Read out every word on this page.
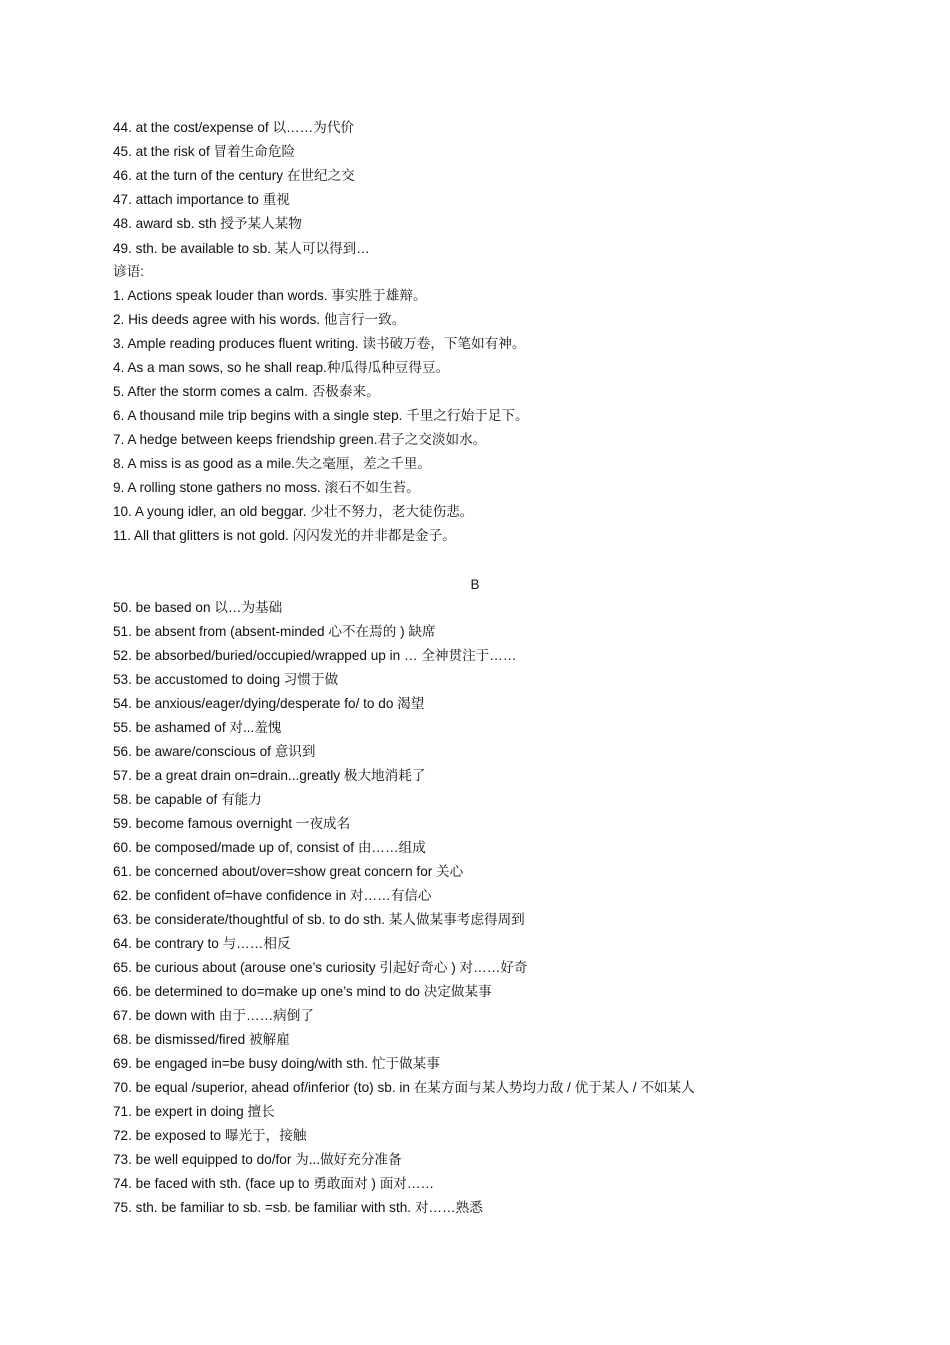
44. at the cost/expense of 以……为代价
45. at the risk of 冒着生命危险
46. at the turn of the century 在世纪之交
47. attach importance to 重视
48. award sb. sth 授予某人某物
49. sth. be available to sb. 某人可以得到…
谚语:
1. Actions speak louder than words. 事实胜于雄辩。
2. His deeds agree with his words. 他言行一致。
3. Ample reading produces fluent writing. 读书破万卷，下笔如有神。
4. As a man sows, so he shall reap.种瓜得瓜种豆得豆。
5. After the storm comes a calm. 否极泰来。
6. A thousand mile trip begins with a single step. 千里之行始于足下。
7. A hedge between keeps friendship green.君子之交淡如水。
8. A miss is as good as a mile.失之毫厘，差之千里。
9. A rolling stone gathers no moss. 滚石不如生苔。
10. A young idler, an old beggar. 少壮不努力，老大徒伤悲。
11. All that glitters is not gold. 闪闪发光的并非都是金子。
B
50. be based on 以…为基础
51. be absent from (absent-minded 心不在焉的 ) 缺席
52. be absorbed/buried/occupied/wrapped up in … 全神贯注于……
53. be accustomed to doing 习惯于做
54. be anxious/eager/dying/desperate fo/ to do 渴望
55. be ashamed of 对...羞愧
56. be aware/conscious of 意识到
57. be a great drain on=drain...greatly 极大地消耗了
58. be capable of 有能力
59. become famous overnight 一夜成名
60. be composed/made up of, consist of 由……组成
61. be concerned about/over=show great concern for 关心
62. be confident of=have confidence in 对……有信心
63. be considerate/thoughtful of sb. to do sth. 某人做某事考虑得周到
64. be contrary to 与……相反
65. be curious about (arouse one’s curiosity 引起好奇心 ) 对……好奇
66. be determined to do=make up one’s mind to do 决定做某事
67. be down with 由于……病倒了
68. be dismissed/fired 被解雇
69. be engaged in=be busy doing/with sth. 忙于做某事
70. be equal /superior, ahead of/inferior (to) sb. in 在某方面与某人势均力敌 / 优于某人 / 不如某人
71. be expert in doing 擅长
72. be exposed to 曝光于，接触
73. be well equipped to do/for 为...做好充分准备
74. be faced with sth. (face up to 勇敢面对 ) 面对……
75. sth. be familiar to sb. =sb. be familiar with sth. 对……熟悉
